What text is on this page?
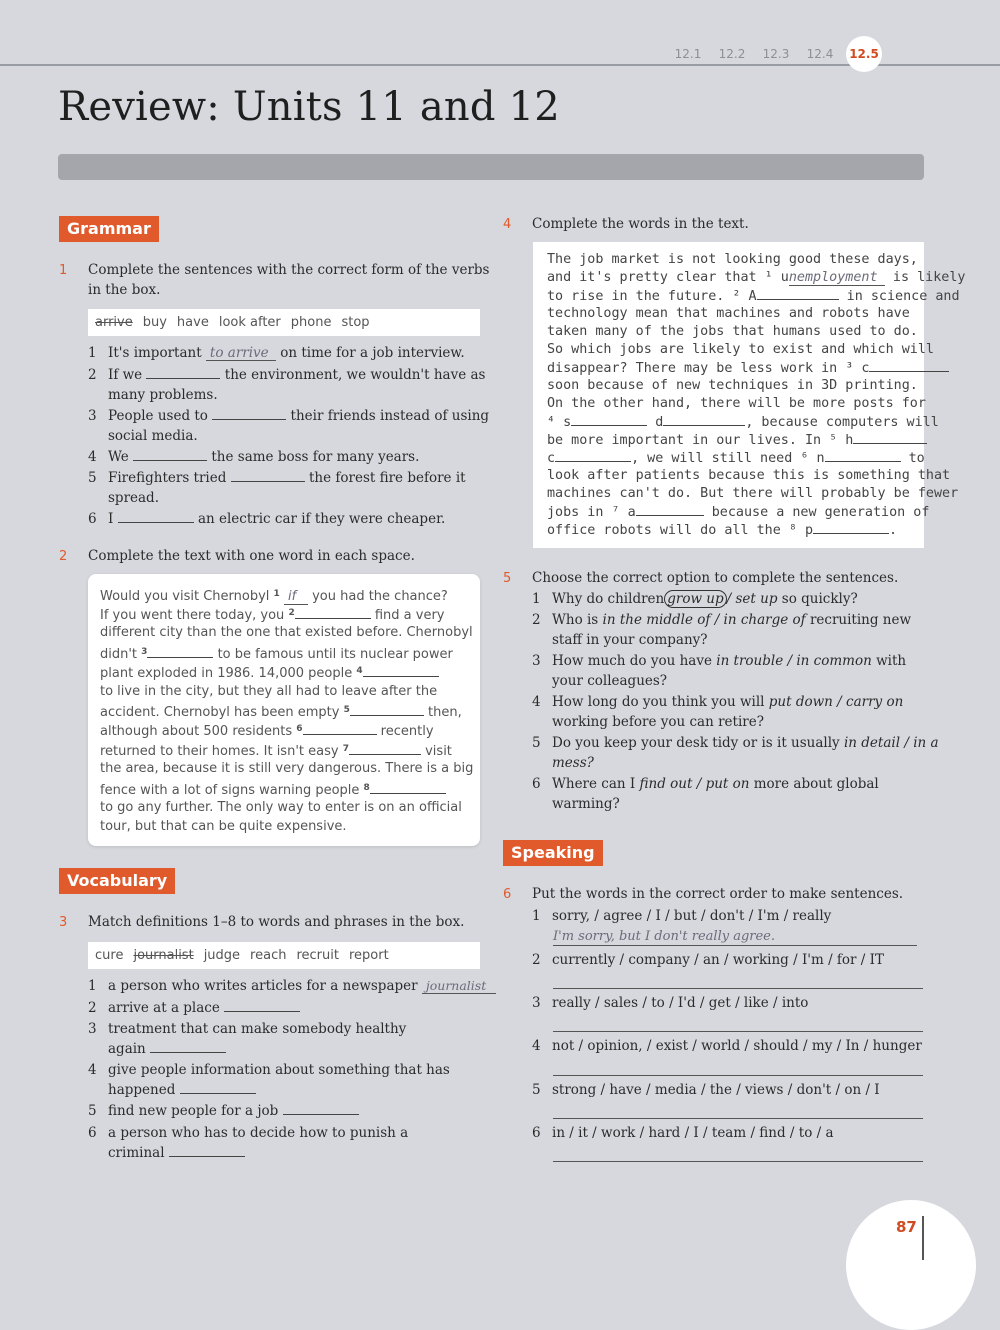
12.1	12.2	12.3	12.4	12.5
Review: Units 11 and 12
Grammar
1 Complete the sentences with the correct form of the verbs
in the box.
arrive buy have look after phone stop
1 It's important to arrive on time for a job interview.
2 If we	the environment, we wouldn't have as
many problems.
3 People used to	their friends instead of using
social media.
4 We	the same boss for many years.
5 Firefighters tried	the forest fire before it
spread.
6 I	an electric car if they were cheaper.
2 Complete the text with one word in each space.
Would you visit Chernobyl $^1$ if you had the chance?
If you went there today, you $^2$	find a very
different city than the one that existed before. Chernobyl
didn't $^3$	to be famous until its nuclear power
plant exploded in 1986. 14,000 people $^4$
to live in the city, but they all had to leave after the
accident. Chernobyl has been empty $^5$	then,
although about 500 residents $^6$	recently
returned to their homes. It isn't easy $^7$	visit
the area, because it is still very dangerous. There is a big
fence with a lot of signs warning people $^8$
to go any further. The only way to enter is on an official
tour, but that can be quite expensive.
Vocabulary
3 Match definitions 1–8 to words and phrases in the box.
cure journalist judge reach recruit report
1 a person who writes articles for a newspaper journalist
2 arrive at a place
3 treatment that can make somebody healthy
again
4 give people information about something that has
happened
5 find new people for a job
6 a person who has to decide how to punish a
criminal
4 Complete the words in the text.
The job market is not looking good these days,
and it's pretty clear that ¹ unemployment is likely
to rise in the future. ² A	in science and
technology mean that machines and robots have
taken many of the jobs that humans used to do.
So which jobs are likely to exist and which will
disappear? There may be less work in ³ c
soon because of new techniques in 3D printing.
On the other hand, there will be more posts for
⁴ s	d	, because computers will
be more important in our lives. In ⁵ h
c	, we will still need ⁶ n	to
look after patients because this is something that
machines can't do. But there will probably be fewer
jobs in ⁷ a	because a new generation of
office robots will do all the ⁸ p	.
5 Choose the correct option to complete the sentences.
1 Why do children grow up / set up so quickly?
2 Who is in the middle of / in charge of recruiting new
staff in your company?
3 How much do you have in trouble / in common with
your colleagues?
4 How long do you think you will put down / carry on
working before you can retire?
5 Do you keep your desk tidy or is it usually in detail / in a
mess?
6 Where can I find out / put on more about global
warming?
Speaking
6 Put the words in the correct order to make sentences.
1 sorry, / agree / I / but / don't / I'm / really
I'm sorry, but I don't really agree.
2 currently / company / an / working / I'm / for / IT
3 really / sales / to / I'd / get / like / into
4 not / opinion, / exist / world / should / my / In / hunger
5 strong / have / media / the / views / don't / on / I
6 in / it / work / hard / I / team / find / to / a
87
